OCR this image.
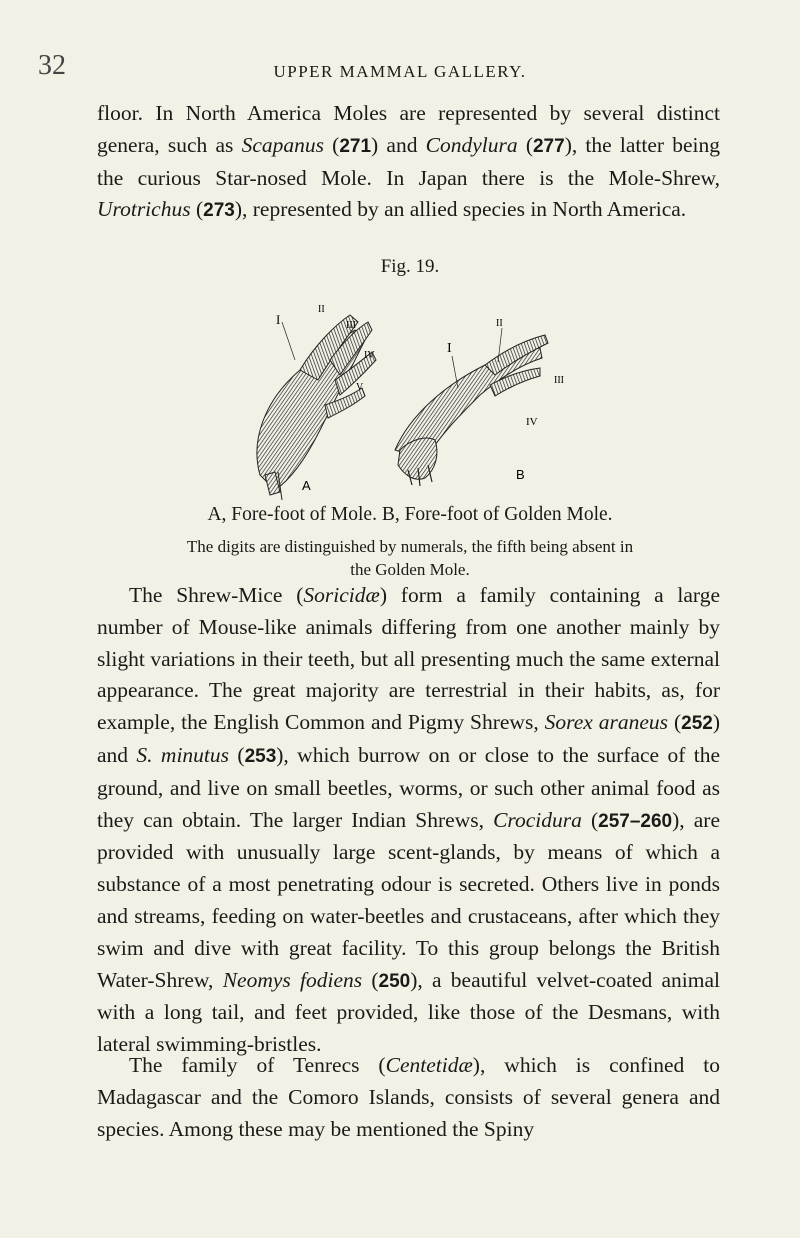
32	UPPER MAMMAL GALLERY.

floor. In North America Moles are represented by several distinct genera, such as Scapanus (271) and Condylura (277), the latter being the curious Star-nosed Mole. In Japan there is the Mole-Shrew, Urotrichus (273), represented by an allied species in North America.

Fig. 19.
I
II
III
IV
V
A
I
II
III
IV
B
A, Fore-foot of Mole. B, Fore-foot of Golden Mole.
The digits are distinguished by numerals, the fifth being absent in
the Golden Mole.

The Shrew-Mice (Soricidæ) form a family containing a large number of Mouse-like animals differing from one another mainly by slight variations in their teeth, but all presenting much the same external appearance. The great majority are terrestrial in their habits, as, for example, the English Common and Pigmy Shrews, Sorex araneus (252) and S. minutus (253), which burrow on or close to the surface of the ground, and live on small beetles, worms, or such other animal food as they can obtain. The larger Indian Shrews, Crocidura (257–260), are provided with unusually large scent-glands, by means of which a substance of a most penetrating odour is secreted. Others live in ponds and streams, feeding on water-beetles and crustaceans, after which they swim and dive with great facility. To this group belongs the British Water-Shrew, Neomys fodiens (250), a beautiful velvet-coated animal with a long tail, and feet provided, like those of the Desmans, with lateral swimming-bristles.

The family of Tenrecs (Centetidæ), which is confined to Madagascar and the Comoro Islands, consists of several genera and species. Among these may be mentioned the Spiny
